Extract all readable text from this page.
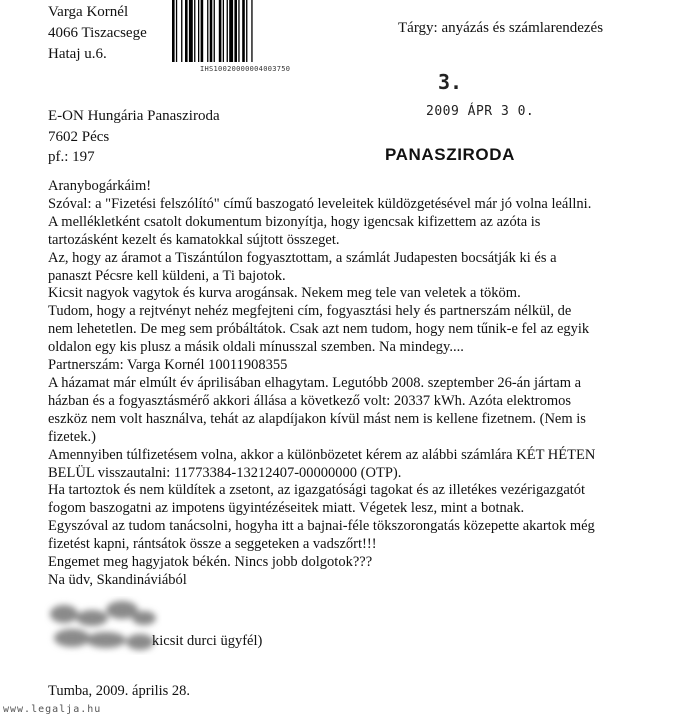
Varga Kornél
4066 Tiszacsege
Hataj u.6.
IHS10020000004003750
Tárgy: anyázás és számlarendezés
3.
2009 ÁPR 3 0.
PANASZIRODA
E-ON Hungária Panasziroda
7602 Pécs
pf.: 197
Aranybogárkáim!
Szóval: a "Fizetési felszólító" című baszogató leveleitek küldözgetésével már jó volna leállni.
A mellékletként csatolt dokumentum bizonyítja, hogy igencsak kifizettem az azóta is
tartozásként kezelt és kamatokkal sújtott összeget.
Az, hogy az áramot a Tiszántúlon fogyasztottam, a számlát Judapesten bocsátják ki és a
panaszt Pécsre kell küldeni, a Ti bajotok.
Kicsit nagyok vagytok és kurva arogánsak. Nekem meg tele van veletek a tököm.
Tudom, hogy a rejtvényt nehéz megfejteni cím, fogyasztási hely és partnerszám nélkül, de
nem lehetetlen. De meg sem próbáltátok. Csak azt nem tudom, hogy nem tűnik-e fel az egyik
oldalon egy kis plusz a másik oldali mínusszal szemben. Na mindegy....
Partnerszám: Varga Kornél 10011908355
A házamat már elmúlt év áprilisában elhagytam. Legutóbb 2008. szeptember 26-án jártam a
házban és a fogyasztásmérő akkori állása a következő volt: 20337 kWh. Azóta elektromos
eszköz nem volt használva, tehát az alapdíjakon kívül mást nem is kellene fizetnem. (Nem is
fizetek.)
Amennyiben túlfizetésem volna, akkor a különbözetet kérem az alábbi számlára KÉT HÉTEN
BELÜL visszautalni: 11773384-13212407-00000000 (OTP).
Ha tartoztok és nem küldítek a zsetont, az igazgatósági tagokat és az illetékes vezérigazgatót
fogom baszogatni az impotens ügyintézéseitek miatt. Végetek lesz, mint a botnak.
Egyszóval az tudom tanácsolni, hogyha itt a bajnai-féle tökszorongatás közepette akartok még
fizetést kapni, rántsátok össze a seggeteken a vadszőrt!!!
Engemet meg hagyjatok békén. Nincs jobb dolgotok???
Na üdv, Skandináviából
kicsit durci ügyfél)
Tumba, 2009. április 28.
www.legalja.hu
